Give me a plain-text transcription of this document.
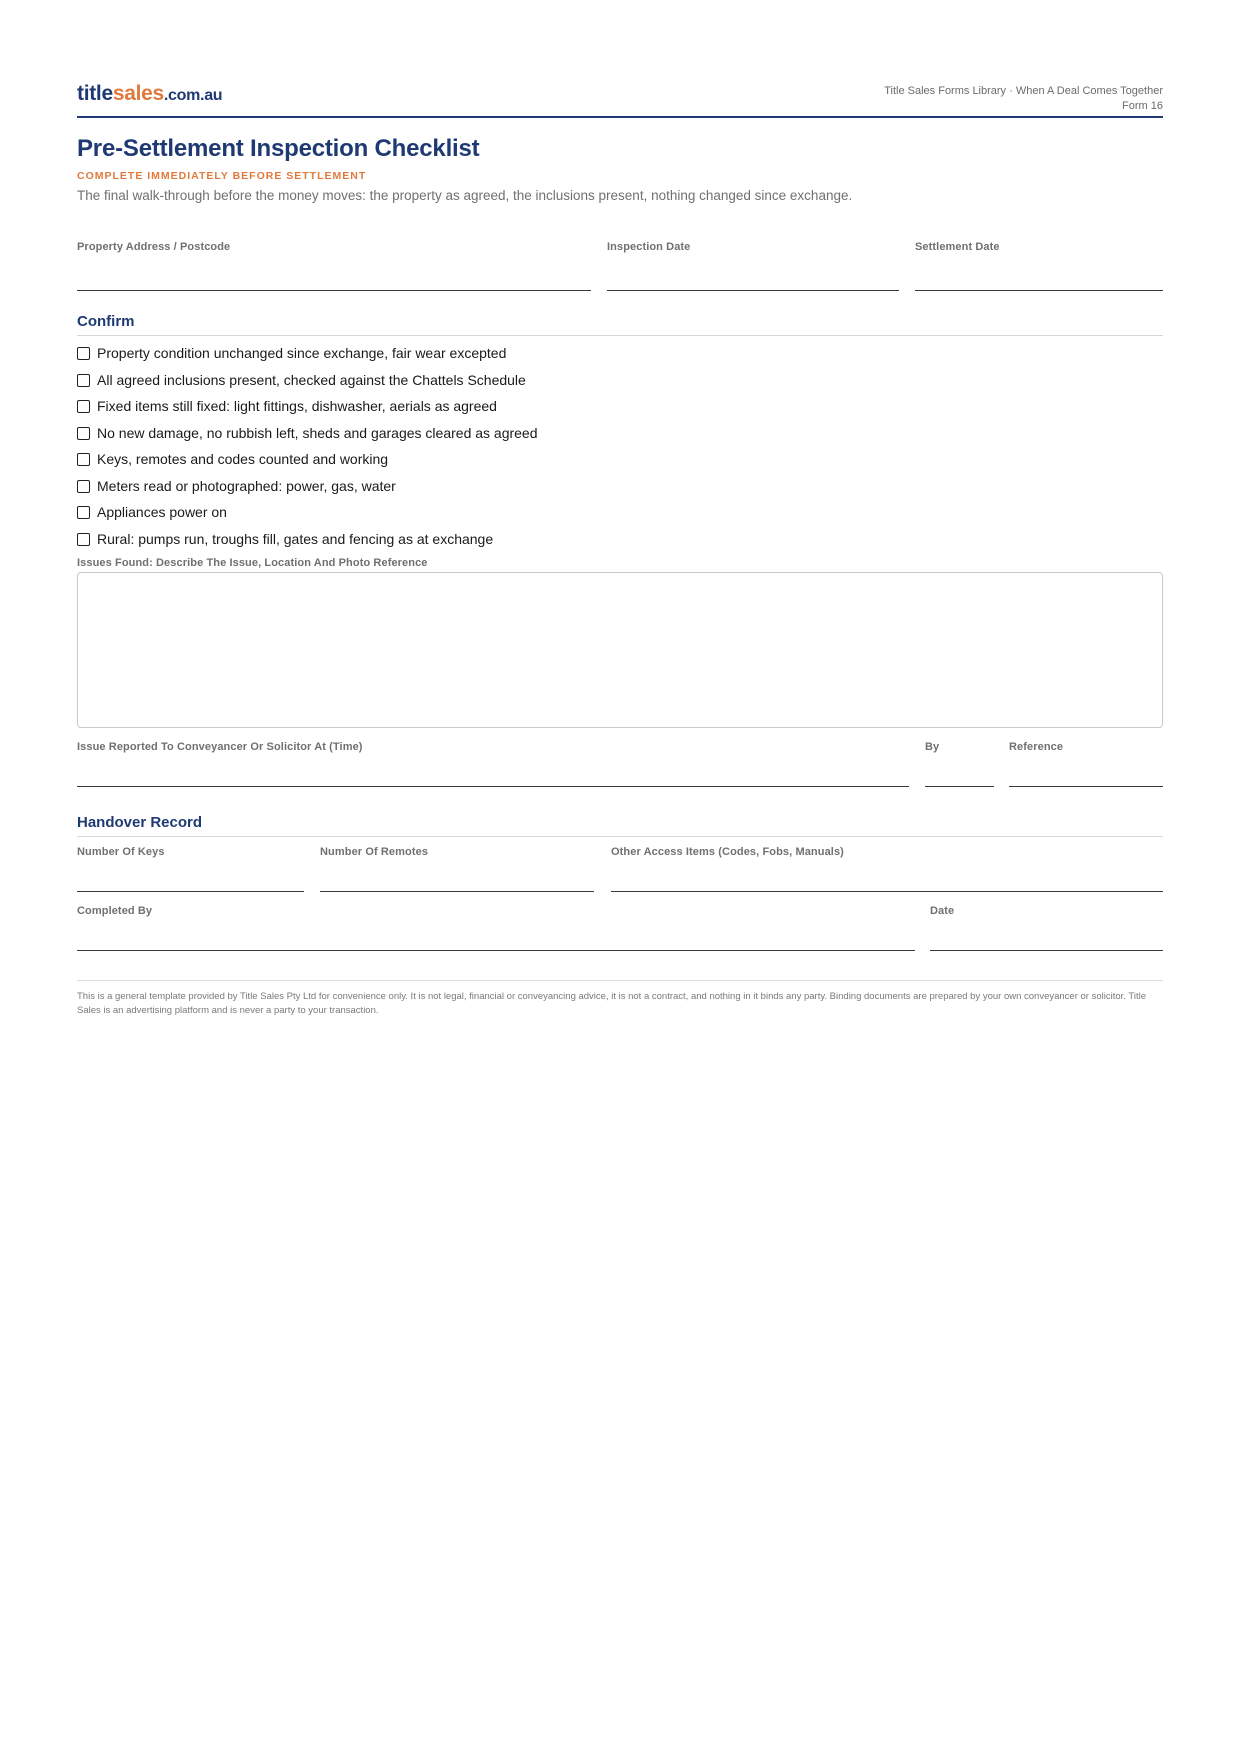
titlesales.com.au	Title Sales Forms Library · When A Deal Comes Together
Form 16
Pre-Settlement Inspection Checklist
COMPLETE IMMEDIATELY BEFORE SETTLEMENT
The final walk-through before the money moves: the property as agreed, the inclusions present, nothing changed since exchange.
Property Address / Postcode	Inspection Date	Settlement Date
Confirm
Property condition unchanged since exchange, fair wear excepted
All agreed inclusions present, checked against the Chattels Schedule
Fixed items still fixed: light fittings, dishwasher, aerials as agreed
No new damage, no rubbish left, sheds and garages cleared as agreed
Keys, remotes and codes counted and working
Meters read or photographed: power, gas, water
Appliances power on
Rural: pumps run, troughs fill, gates and fencing as at exchange
Issues Found: Describe The Issue, Location And Photo Reference
Issue Reported To Conveyancer Or Solicitor At (Time)	By	Reference
Handover Record
Number Of Keys	Number Of Remotes	Other Access Items (Codes, Fobs, Manuals)
Completed By	Date
This is a general template provided by Title Sales Pty Ltd for convenience only. It is not legal, financial or conveyancing advice, it is not a contract, and nothing in it binds any party. Binding documents are prepared by your own conveyancer or solicitor. Title Sales is an advertising platform and is never a party to your transaction.
